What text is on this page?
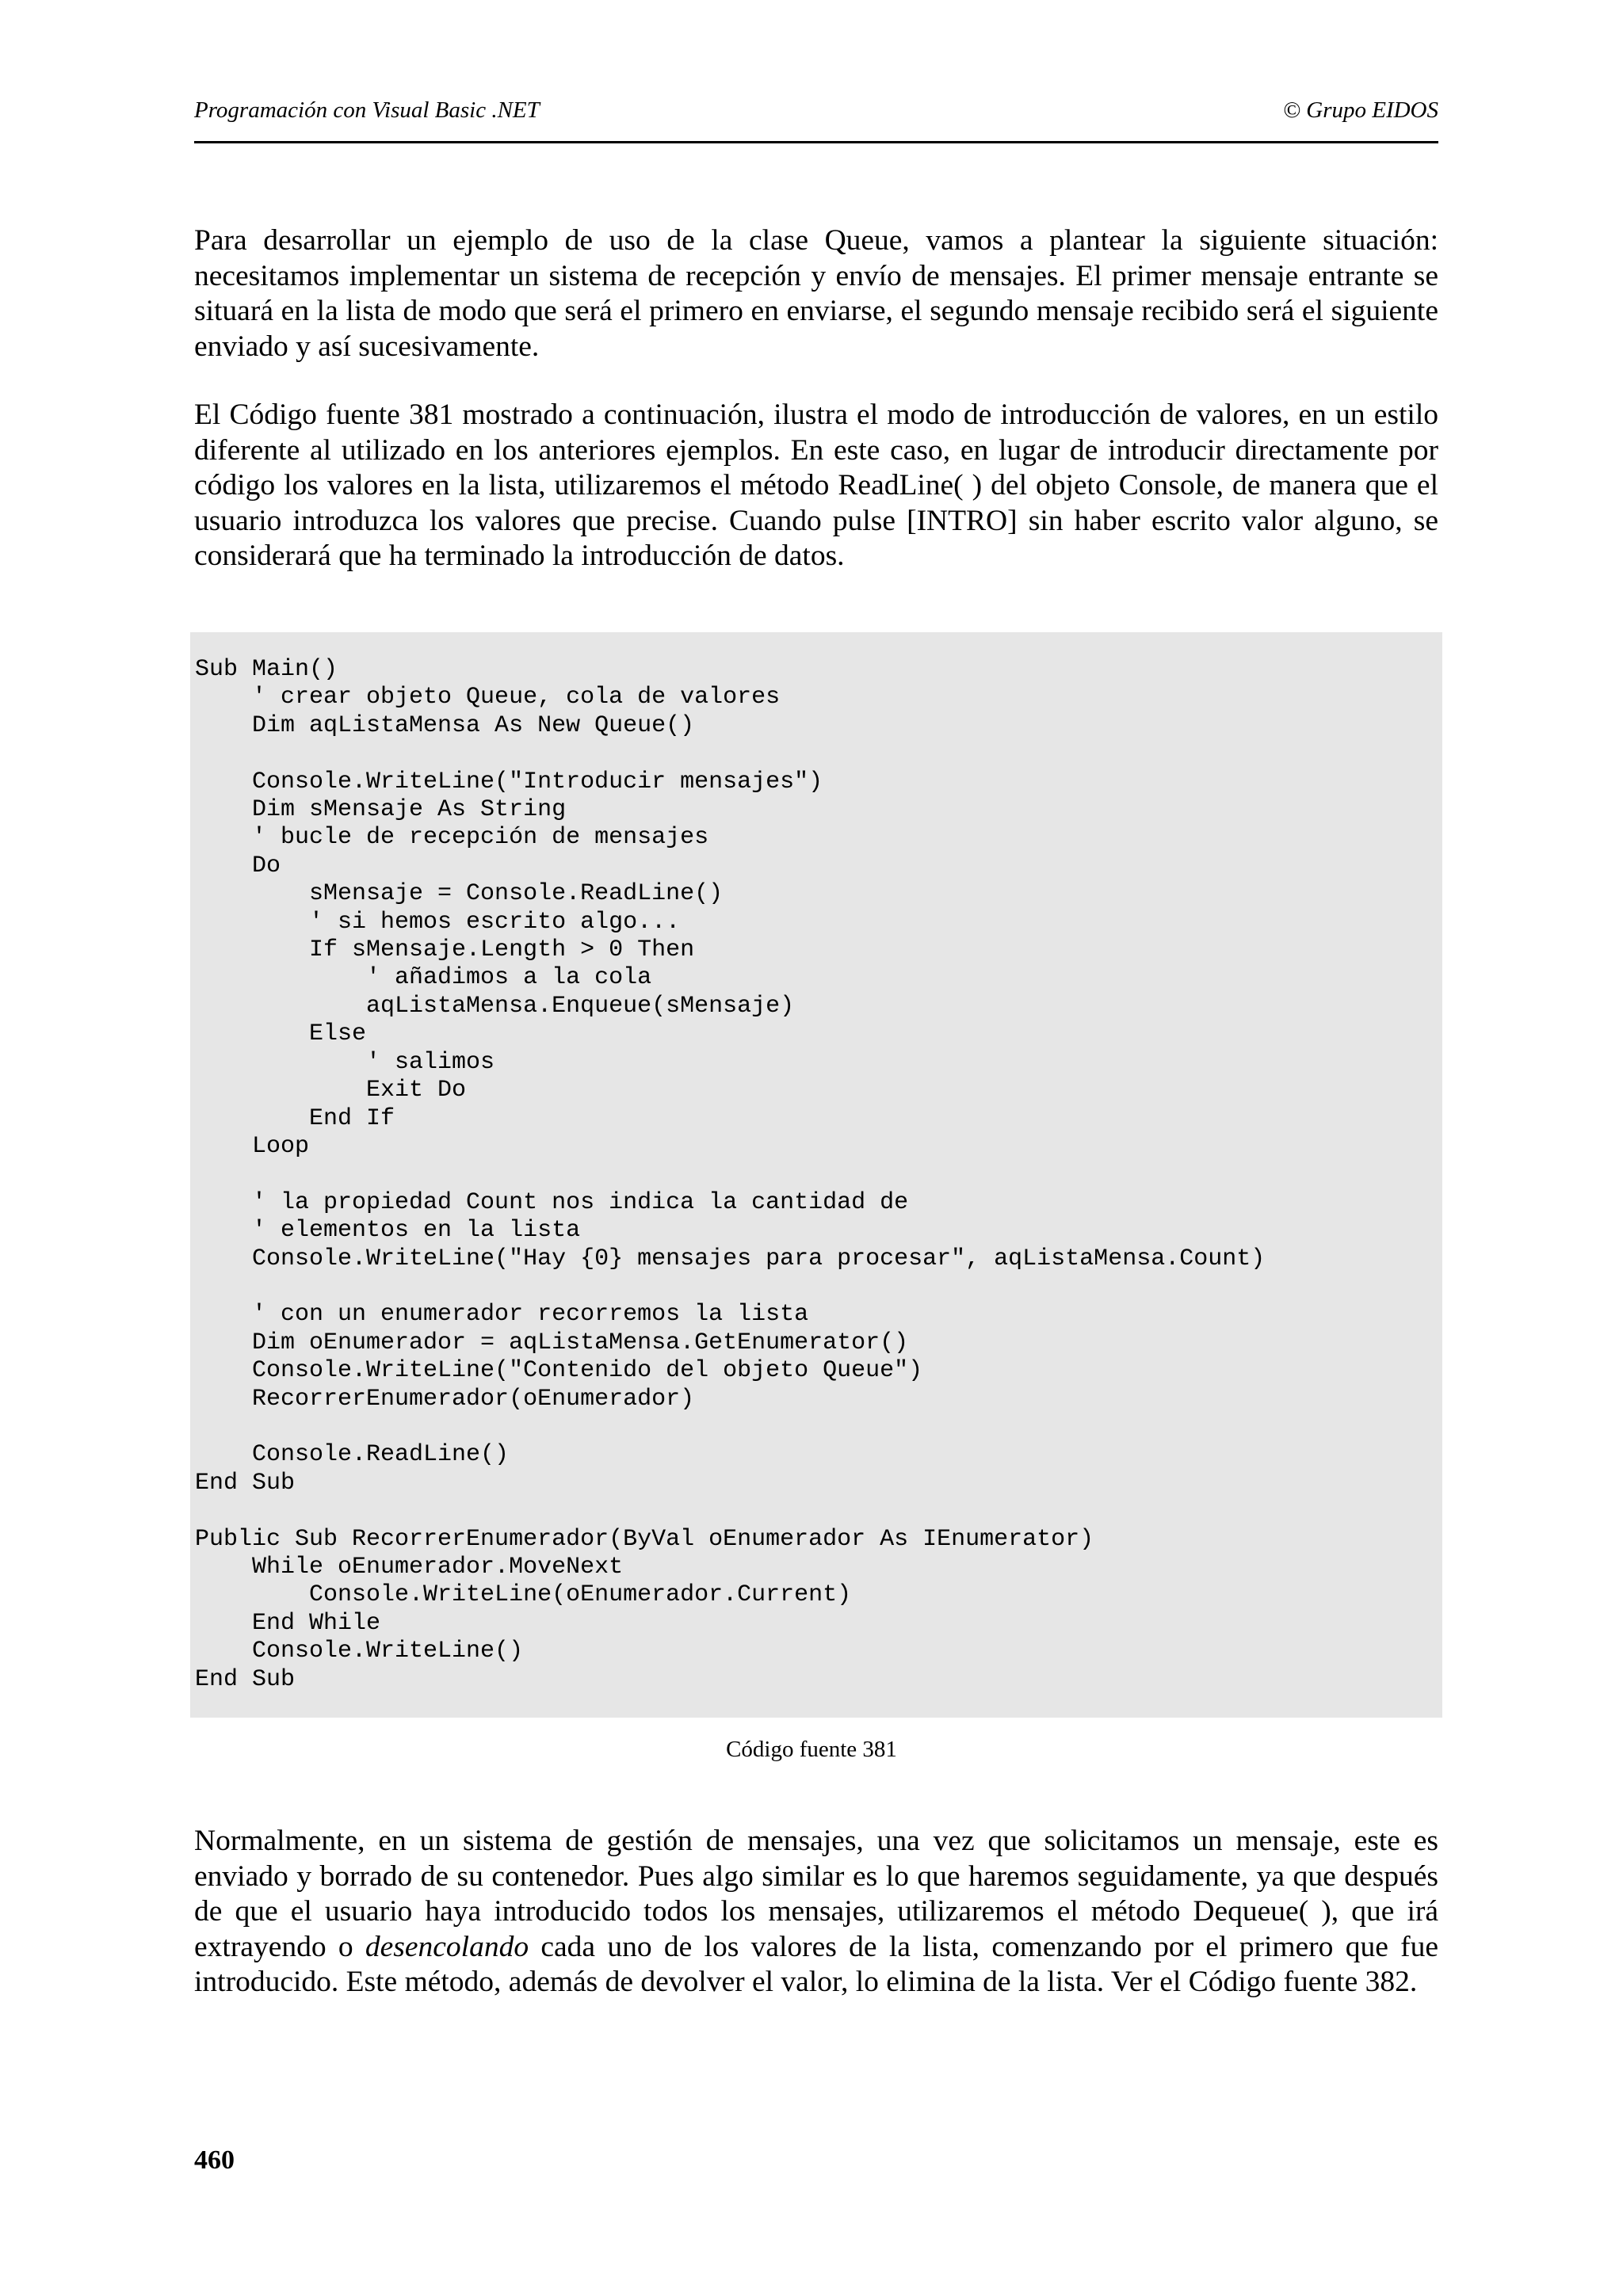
Programación con Visual Basic .NET	© Grupo EIDOS

Para desarrollar un ejemplo de uso de la clase Queue, vamos a plantear la siguiente situación: necesitamos implementar un sistema de recepción y envío de mensajes. El primer mensaje entrante se situará en la lista de modo que será el primero en enviarse, el segundo mensaje recibido será el siguiente enviado y así sucesivamente.

El Código fuente 381 mostrado a continuación, ilustra el modo de introducción de valores, en un estilo diferente al utilizado en los anteriores ejemplos. En este caso, en lugar de introducir directamente por código los valores en la lista, utilizaremos el método ReadLine( ) del objeto Console, de manera que el usuario introduzca los valores que precise. Cuando pulse [INTRO] sin haber escrito valor alguno, se considerará que ha terminado la introducción de datos.

Sub Main()
' crear objeto Queue, cola de valores
Dim aqListaMensa As New Queue()

Console.WriteLine("Introducir mensajes")
Dim sMensaje As String
' bucle de recepción de mensajes
Do
sMensaje = Console.ReadLine()
' si hemos escrito algo...
If sMensaje.Length > 0 Then
' añadimos a la cola
aqListaMensa.Enqueue(sMensaje)
Else
' salimos
Exit Do
End If
Loop

' la propiedad Count nos indica la cantidad de
' elementos en la lista
Console.WriteLine("Hay {0} mensajes para procesar", aqListaMensa.Count)

' con un enumerador recorremos la lista
Dim oEnumerador = aqListaMensa.GetEnumerator()
Console.WriteLine("Contenido del objeto Queue")
RecorrerEnumerador(oEnumerador)

Console.ReadLine()
End Sub

Public Sub RecorrerEnumerador(ByVal oEnumerador As IEnumerator)
While oEnumerador.MoveNext
Console.WriteLine(oEnumerador.Current)
End While
Console.WriteLine()
End Sub
Código fuente 381

Normalmente, en un sistema de gestión de mensajes, una vez que solicitamos un mensaje, este es enviado y borrado de su contenedor. Pues algo similar es lo que haremos seguidamente, ya que después de que el usuario haya introducido todos los mensajes, utilizaremos el método Dequeue( ), que irá extrayendo o desencolando cada uno de los valores de la lista, comenzando por el primero que fue introducido. Este método, además de devolver el valor, lo elimina de la lista. Ver el Código fuente 382.

460
